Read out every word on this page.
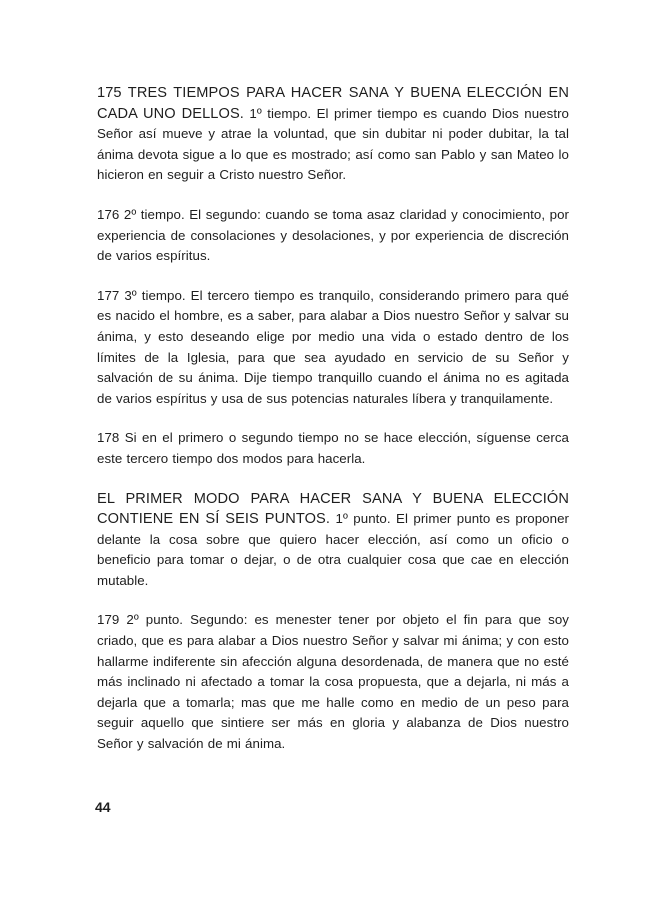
175 TRES TIEMPOS PARA HACER SANA Y BUENA ELECCIÓN EN CADA UNO DELLOS. 1º tiempo. El primer tiempo es cuando Dios nuestro Señor así mueve y atrae la voluntad, que sin dubitar ni poder dubitar, la tal ánima devota sigue a lo que es mostrado; así como san Pablo y san Mateo lo hicieron en seguir a Cristo nuestro Señor.

176 2º tiempo. El segundo: cuando se toma asaz claridad y conocimiento, por experiencia de consolaciones y desolaciones, y por experiencia de discreción de varios espíritus.

177 3º tiempo. El tercero tiempo es tranquilo, considerando primero para qué es nacido el hombre, es a saber, para alabar a Dios nuestro Señor y salvar su ánima, y esto deseando elige por medio una vida o estado dentro de los límites de la Iglesia, para que sea ayudado en servicio de su Señor y salvación de su ánima. Dije tiempo tranquillo cuando el ánima no es agitada de varios espíritus y usa de sus potencias naturales líbera y tranquilamente.

178 Si en el primero o segundo tiempo no se hace elección, síguense cerca este tercero tiempo dos modos para hacerla.

EL PRIMER MODO PARA HACER SANA Y BUENA ELECCIÓN CONTIENE EN SÍ SEIS PUNTOS. 1º punto. El primer punto es proponer delante la cosa sobre que quiero hacer elección, así como un oficio o beneficio para tomar o dejar, o de otra cualquier cosa que cae en elección mutable.

179 2º punto. Segundo: es menester tener por objeto el fin para que soy criado, que es para alabar a Dios nuestro Señor y salvar mi ánima; y con esto hallarme indiferente sin afección alguna desordenada, de manera que no esté más inclinado ni afectado a tomar la cosa propuesta, que a dejarla, ni más a dejarla que a tomarla; mas que me halle como en medio de un peso para seguir aquello que sintiere ser más en gloria y alabanza de Dios nuestro Señor y salvación de mi ánima.

44
